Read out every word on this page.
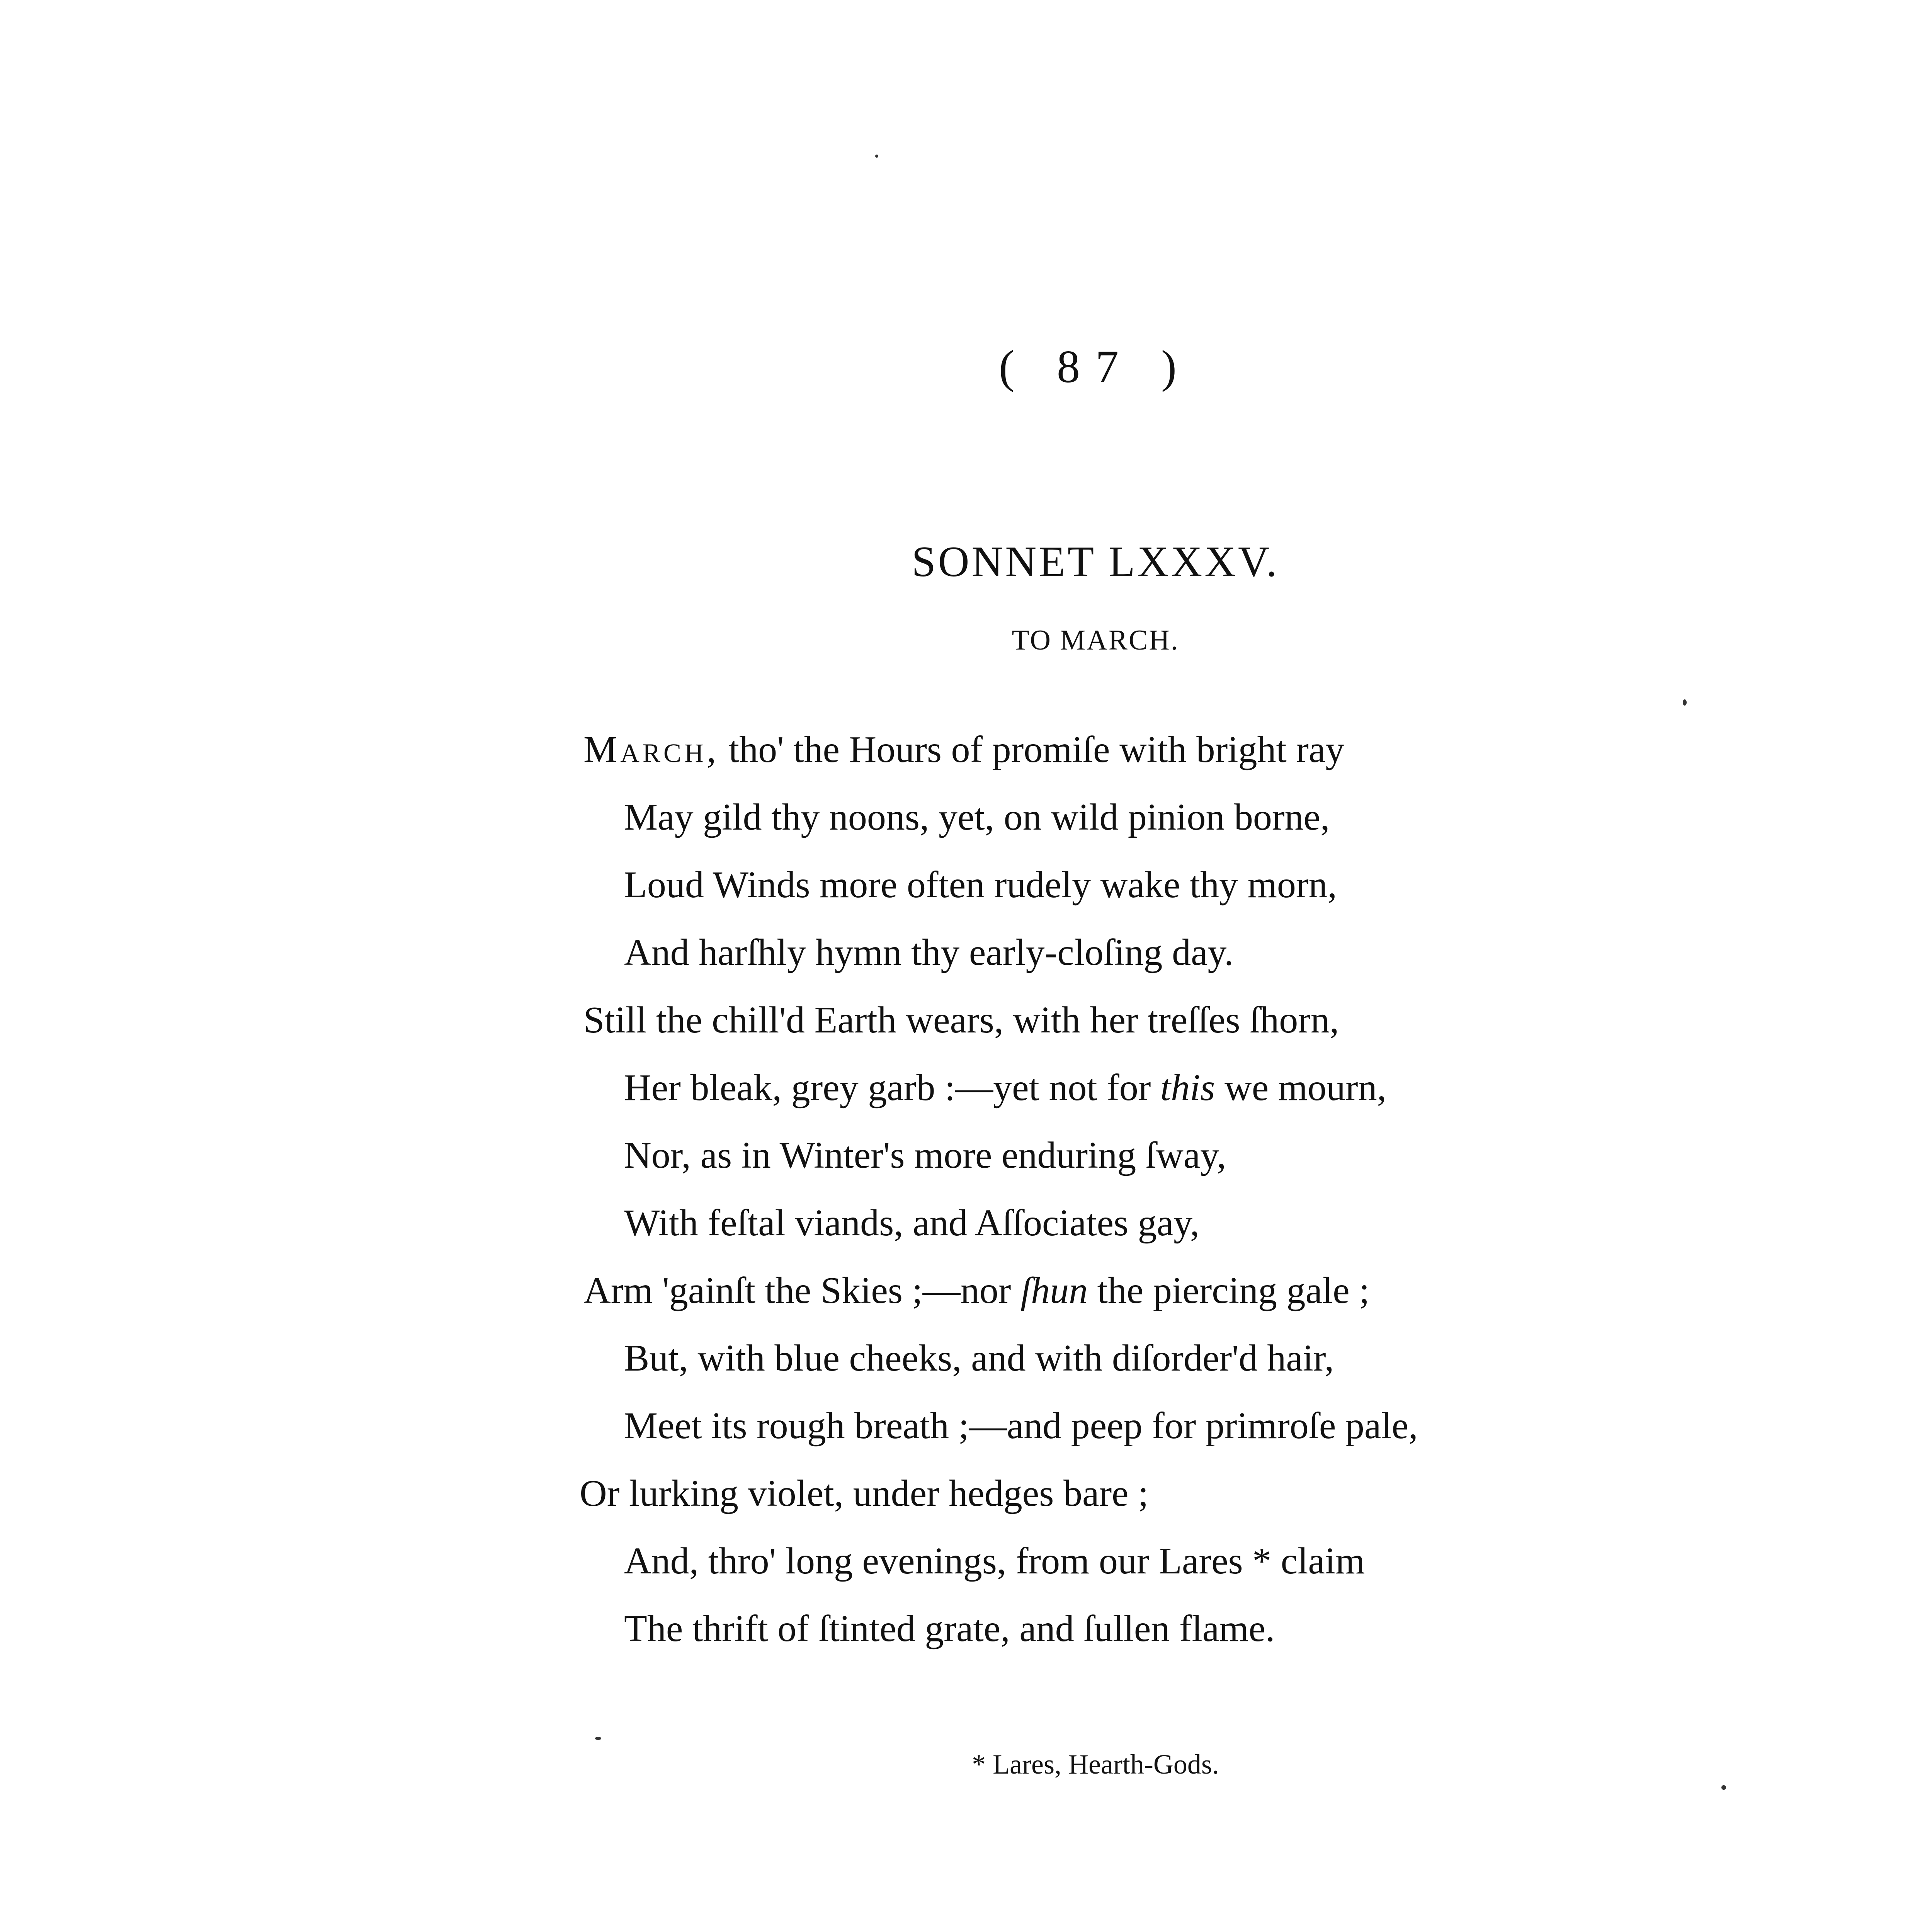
( 87 )
SONNET LXXXV.
TO MARCH.
March, tho' the Hours of promiſe with bright ray
May gild thy noons, yet, on wild pinion borne,
Loud Winds more often rudely wake thy morn,
And harſhly hymn thy early-cloſing day.
Still the chill'd Earth wears, with her treſſes ſhorn,
Her bleak, grey garb :—yet not for this we mourn,
Nor, as in Winter's more enduring ſway,
With feſtal viands, and Aſſociates gay,
Arm 'gainſt the Skies ;—nor ſhun the piercing gale ;
But, with blue cheeks, and with diſorder'd hair,
Meet its rough breath ;—and peep for primroſe pale,
Or lurking violet, under hedges bare ;
And, thro' long evenings, from our Lares * claim
The thrift of ſtinted grate, and ſullen flame.
* Lares, Hearth-Gods.
